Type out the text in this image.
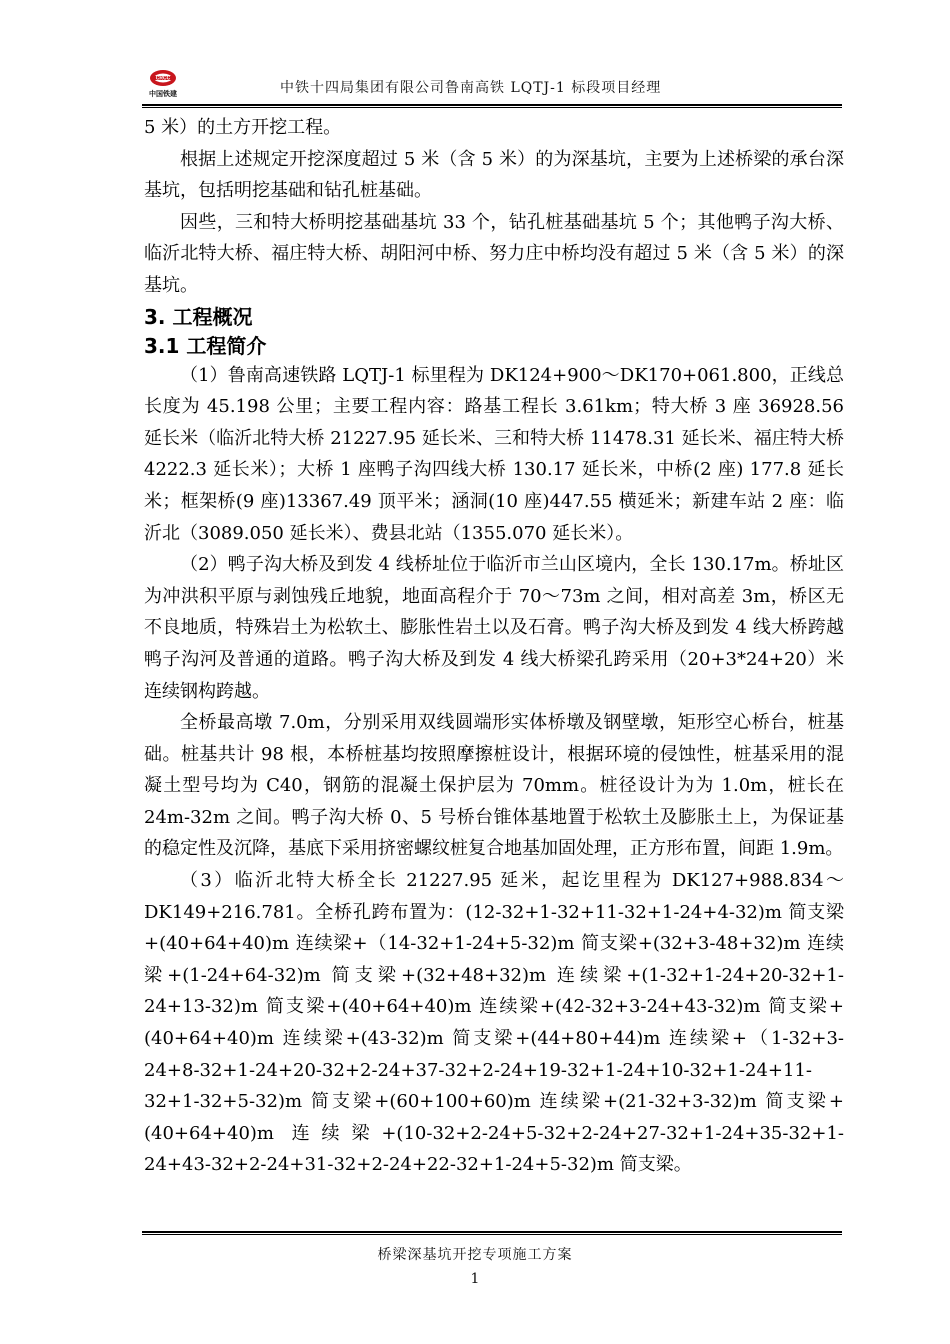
CRCC
中国铁建	中铁十四局集团有限公司鲁南高铁 LQTJ-1 标段项目经理

5 米）的土方开挖工程。

根据上述规定开挖深度超过 5 米（含 5 米）的为深基坑，主要为上述桥梁的承台深基坑，包括明挖基础和钻孔桩基础。

因些，三和特大桥明挖基础基坑 33 个，钻孔桩基础基坑 5 个；其他鸭子沟大桥、临沂北特大桥、福庄特大桥、胡阳河中桥、努力庄中桥均没有超过 5 米（含 5 米）的深基坑。

3. 工程概况

3.1 工程简介

（1）鲁南高速铁路 LQTJ-1 标里程为 DK124+900～DK170+061.800，正线总长度为 45.198 公里；主要工程内容：路基工程长 3.61km；特大桥 3 座 36928.56 延长米（临沂北特大桥 21227.95 延长米、三和特大桥 11478.31 延长米、福庄特大桥 4222.3 延长米）；大桥 1 座鸭子沟四线大桥 130.17 延长米，中桥(2 座) 177.8 延长米；框架桥(9 座)13367.49 顶平米；涵洞(10 座)447.55 横延米；新建车站 2 座：临沂北（3089.050 延长米）、费县北站（1355.070 延长米）。

（2）鸭子沟大桥及到发 4 线桥址位于临沂市兰山区境内，全长 130.17m。桥址区为冲洪积平原与剥蚀残丘地貌，地面高程介于 70～73m 之间，相对高差 3m，桥区无不良地质，特殊岩土为松软土、膨胀性岩土以及石膏。鸭子沟大桥及到发 4 线大桥跨越鸭子沟河及普通的道路。鸭子沟大桥及到发 4 线大桥梁孔跨采用（20+3*24+20）米连续钢构跨越。

全桥最高墩 7.0m，分别采用双线圆端形实体桥墩及钢壁墩，矩形空心桥台，桩基础。桩基共计 98 根，本桥桩基均按照摩擦桩设计，根据环境的侵蚀性，桩基采用的混凝土型号均为 C40，钢筋的混凝土保护层为 70mm。桩径设计为为 1.0m，桩长在 24m-32m 之间。鸭子沟大桥 0、5 号桥台锥体基地置于松软土及膨胀土上，为保证基的稳定性及沉降，基底下采用挤密螺纹桩复合地基加固处理，正方形布置，间距 1.9m。

（3）临沂北特大桥全长 21227.95 延米，起讫里程为 DK127+988.834～DK149+216.781。全桥孔跨布置为：(12-32+1-32+11-32+1-24+4-32)m 简支梁+(40+64+40)m 连续梁+（14-32+1-24+5-32)m 简支梁+(32+3-48+32)m 连续梁+(1-24+64-32)m 简支梁+(32+48+32)m 连续梁+(1-32+1-24+20-32+1-24+13-32)m 简支梁+(40+64+40)m 连续梁+(42-32+3-24+43-32)m 简支梁+(40+64+40)m 连续梁+(43-32)m 简支梁+(44+80+44)m 连续梁+（1-32+3-24+8-32+1-24+20-32+2-24+37-32+2-24+19-32+1-24+10-32+1-24+11-32+1-32+5-32)m 简支梁+(60+100+60)m 连续梁+(21-32+3-32)m 简支梁+(40+64+40)m 连续梁+(10-32+2-24+5-32+2-24+27-32+1-24+35-32+1-24+43-32+2-24+31-32+2-24+22-32+1-24+5-32)m 简支梁。

桥梁深基坑开挖专项施工方案
1
